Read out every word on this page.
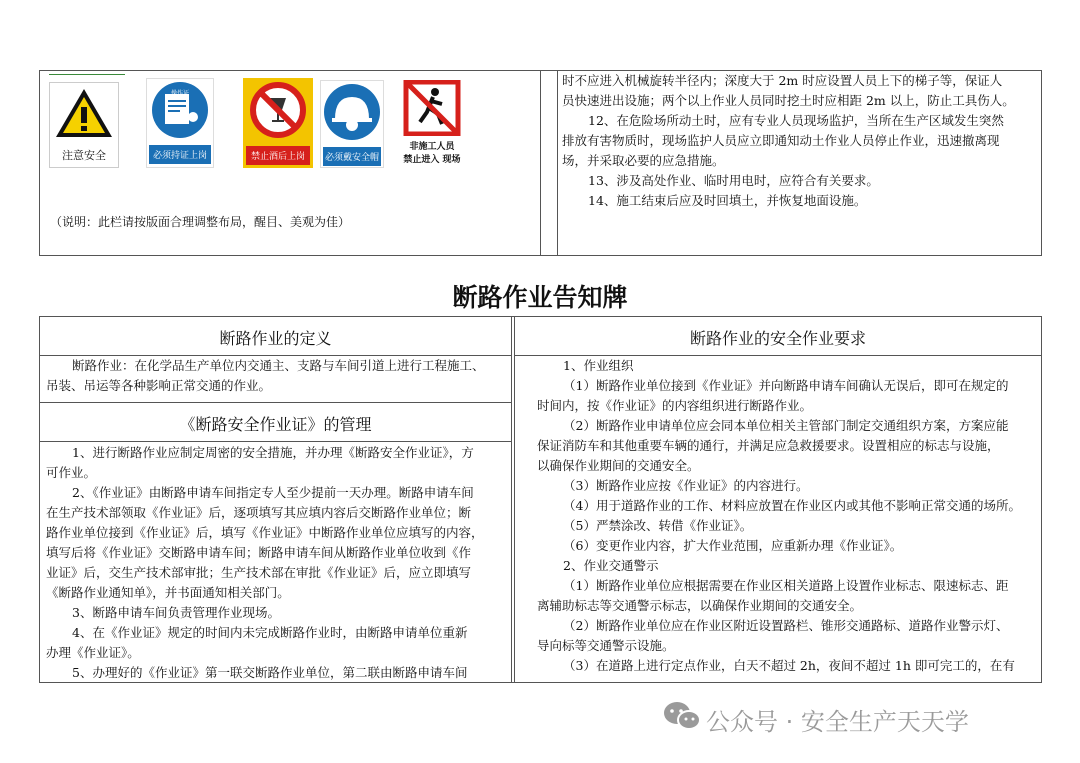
注意安全
操作证
必须持证上岗	禁止酒后上岗	必须戴安全帽
非施工人员
禁止进入 现场
（说明：此栏请按版面合理调整布局，醒目、美观为佳）
时不应进入机械旋转半径内；深度大于 2m 时应设置人员上下的梯子等，保证人
员快速进出设施；两个以上作业人员同时挖土时应相距 2m 以上，防止工具伤人。
12、在危险场所动土时，应有专业人员现场监护，当所在生产区域发生突然
排放有害物质时，现场监护人员应立即通知动土作业人员停止作业，迅速撤离现
场，并采取必要的应急措施。
13、涉及高处作业、临时用电时，应符合有关要求。
14、施工结束后应及时回填土，并恢复地面设施。
断路作业告知牌
断路作业的定义
断路作业：在化学品生产单位内交通主、支路与车间引道上进行工程施工、
吊装、吊运等各种影响正常交通的作业。
《断路安全作业证》的管理
1、进行断路作业应制定周密的安全措施，并办理《断路安全作业证》，方
可作业。
2、《作业证》由断路申请车间指定专人至少提前一天办理。断路申请车间
在生产技术部领取《作业证》后，逐项填写其应填内容后交断路作业单位；断
路作业单位接到《作业证》后，填写《作业证》中断路作业单位应填写的内容，
填写后将《作业证》交断路申请车间；断路申请车间从断路作业单位收到《作
业证》后，交生产技术部审批；生产技术部在审批《作业证》后，应立即填写
《断路作业通知单》，并书面通知相关部门。
3、断路申请车间负责管理作业现场。
4、在《作业证》规定的时间内未完成断路作业时，由断路申请单位重新
办理《作业证》。
5、办理好的《作业证》第一联交断路作业单位，第二联由断路申请车间
断路作业的安全作业要求
1、作业组织
（1）断路作业单位接到《作业证》并向断路申请车间确认无误后，即可在规定的
时间内，按《作业证》的内容组织进行断路作业。
（2）断路作业申请单位应会同本单位相关主管部门制定交通组织方案，方案应能
保证消防车和其他重要车辆的通行，并满足应急救援要求。设置相应的标志与设施，
以确保作业期间的交通安全。
（3）断路作业应按《作业证》的内容进行。
（4）用于道路作业的工作、材料应放置在作业区内或其他不影响正常交通的场所。
（5）严禁涂改、转借《作业证》。
（6）变更作业内容，扩大作业范围，应重新办理《作业证》。
2、作业交通警示
（1）断路作业单位应根据需要在作业区相关道路上设置作业标志、限速标志、距
离辅助标志等交通警示标志，以确保作业期间的交通安全。
（2）断路作业单位应在作业区附近设置路栏、锥形交通路标、道路作业警示灯、
导向标等交通警示设施。
（3）在道路上进行定点作业，白天不超过 2h，夜间不超过 1h 即可完工的，在有
公众号 · 安全生产天天学
